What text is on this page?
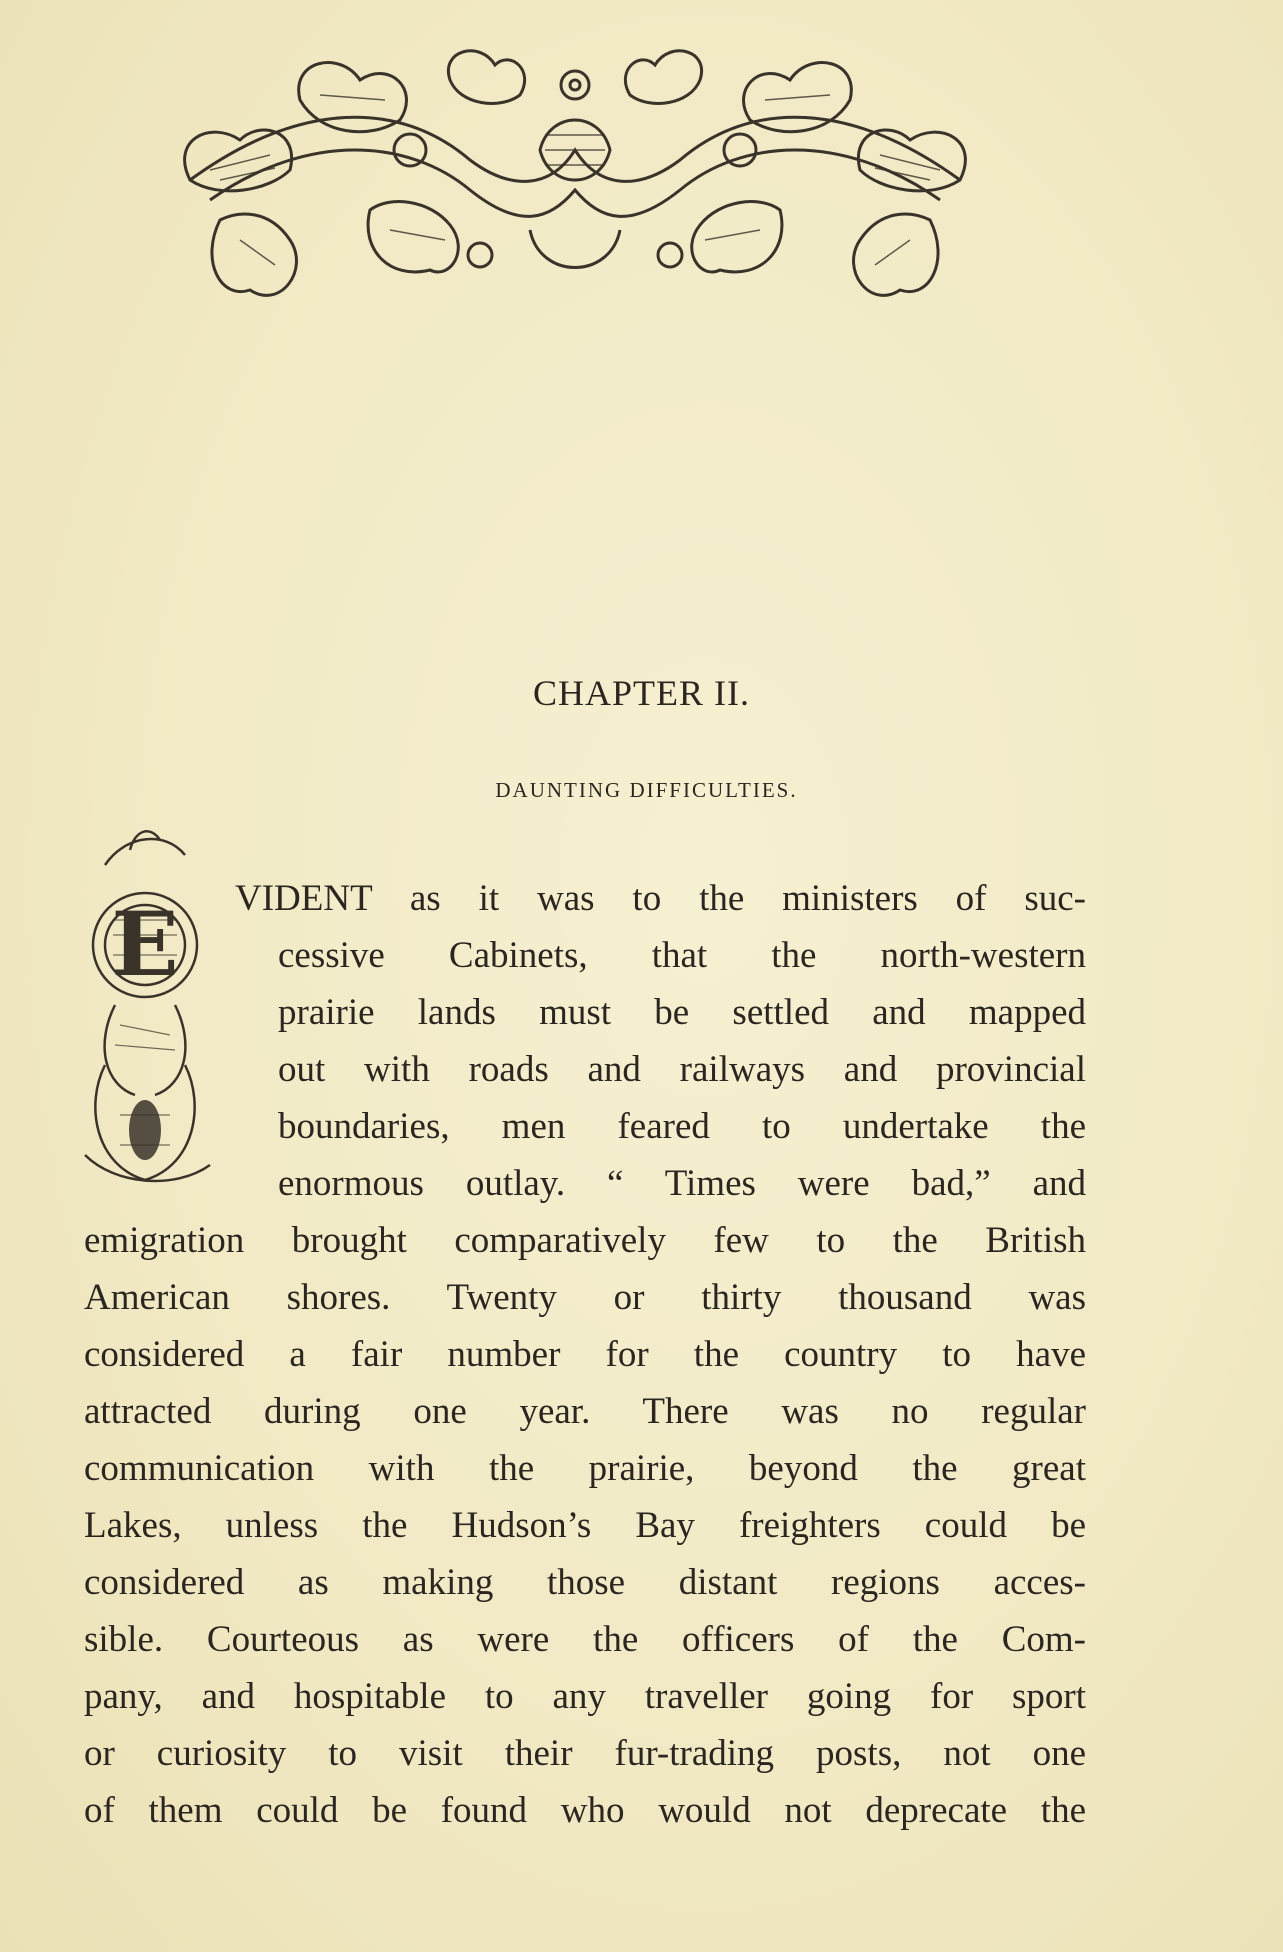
CHAPTER II.
DAUNTING DIFFICULTIES.
E VIDENT as it was to the ministers of suc-
cessive Cabinets, that the north-western
prairie lands must be settled and mapped
out with roads and railways and provincial
boundaries, men feared to undertake the
enormous outlay. “ Times were bad,” and
emigration brought comparatively few to the British
American shores. Twenty or thirty thousand was
considered a fair number for the country to have
attracted during one year. There was no regular
communication with the prairie, beyond the great
Lakes, unless the Hudson’s Bay freighters could be
considered as making those distant regions acces-
sible. Courteous as were the officers of the Com-
pany, and hospitable to any traveller going for sport
or curiosity to visit their fur-trading posts, not one
of them could be found who would not deprecate the
